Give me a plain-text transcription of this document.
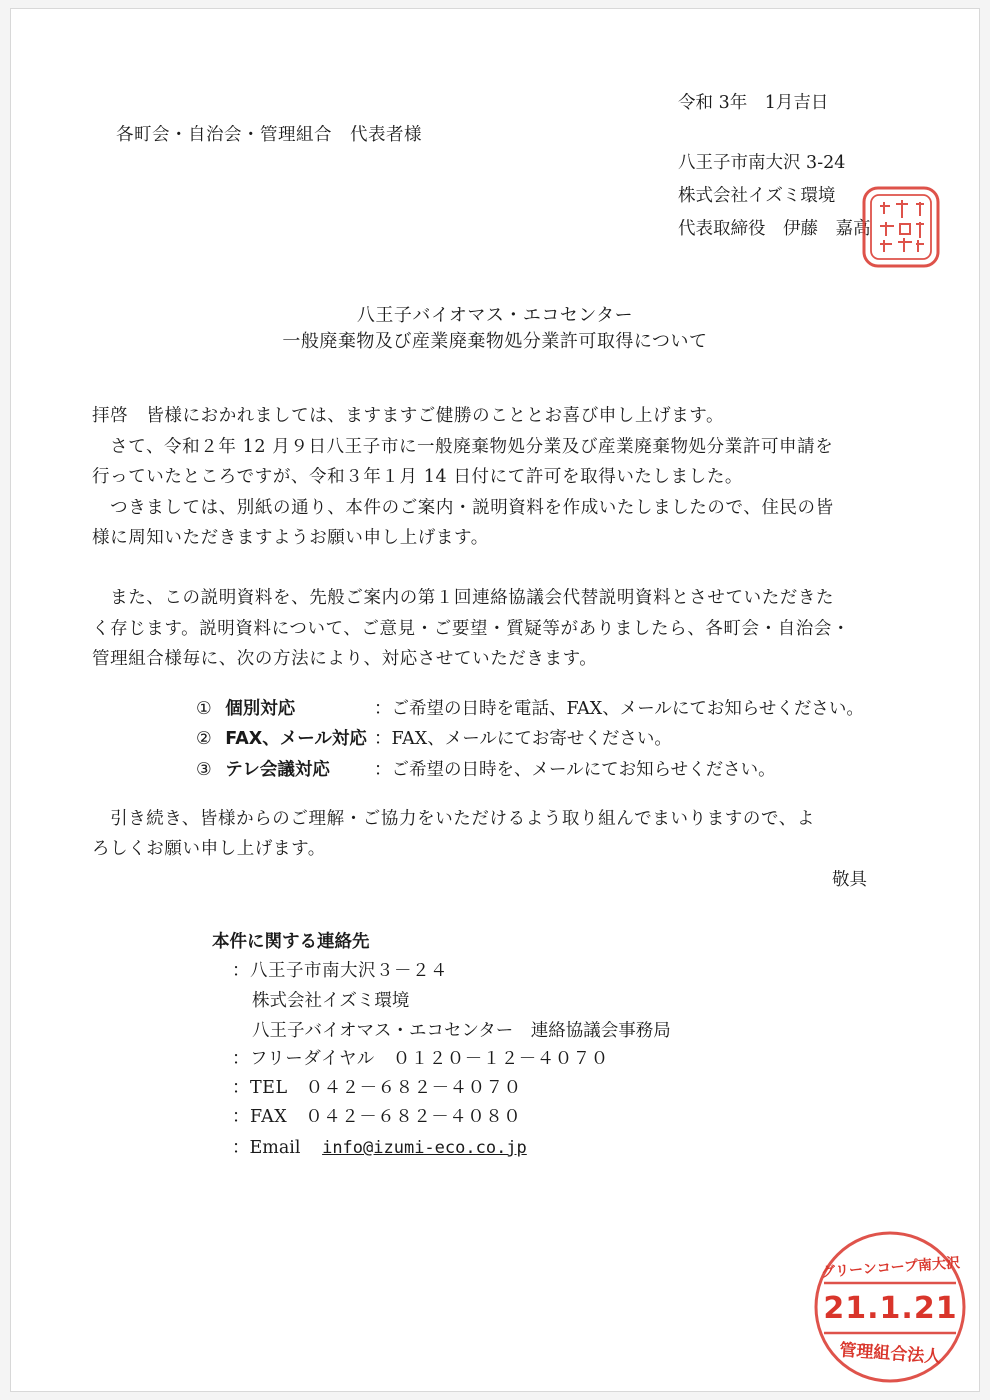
令和 3年　1月吉日
各町会・自治会・管理組合　代表者様
八王子市南大沢 3-24
株式会社イズミ環境
代表取締役　伊藤　嘉高
八王子バイオマス・エコセンター
一般廃棄物及び産業廃棄物処分業許可取得について
拝啓　皆様におかれましては、ますますご健勝のこととお喜び申し上げます。
　さて、令和２年 12 月９日八王子市に一般廃棄物処分業及び産業廃棄物処分業許可申請を
行っていたところですが、令和３年１月 14 日付にて許可を取得いたしました。
　つきましては、別紙の通り、本件のご案内・説明資料を作成いたしましたので、住民の皆
様に周知いただきますようお願い申し上げます。
　また、この説明資料を、先般ご案内の第１回連絡協議会代替説明資料とさせていただきた
く存じます。説明資料について、ご意見・ご要望・質疑等がありましたら、各町会・自治会・
管理組合様毎に、次の方法により、対応させていただきます。
① 個別対応	：ご希望の日時を電話、FAX、メールにてお知らせください。
② FAX、メール対応 ：FAX、メールにてお寄せください。
③ テレ会議対応	：ご希望の日時を、メールにてお知らせください。
　引き続き、皆様からのご理解・ご協力をいただけるよう取り組んでまいりますので、よ
ろしくお願い申し上げます。
敬具
本件に関する連絡先
：八王子市南大沢３－２４
株式会社イズミ環境
八王子バイオマス・エコセンター　連絡協議会事務局
：フリーダイヤル　０１２０－１２－４０７０
：TEL　０４２－６８２－４０７０
：FAX　０４２－６８２－４０８０
：Email info@izumi-eco.co.jp
グリーンコープ南大沢
21.1.21
管理組合法人
